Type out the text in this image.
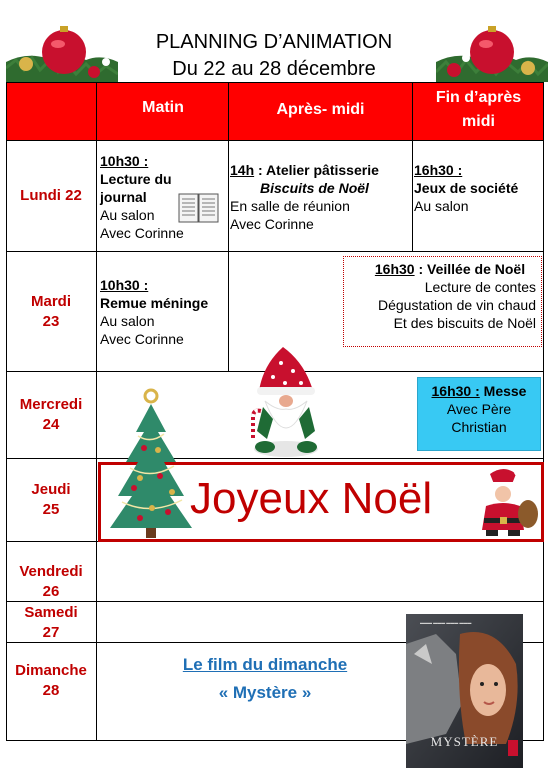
PLANNING D’ANIMATION
Du 22 au 28 décembre
Matin	Après- midi
Fin d’après
midi
Lundi 22
Mardi
23
Mercredi
24
Jeudi
25
Vendredi
26
Samedi
27
Dimanche
28
10h30 :
Lecture du
journal
Au salon
Avec Corinne
14h : Atelier pâtisserie
Biscuits de Noël
En salle de réunion
Avec Corinne
16h30 :
Jeux de société
Au salon
10h30 :
Remue méninge
Au salon
Avec Corinne
16h30 : Veillée de Noël
Lecture de contes
Dégustation de vin chaud
Et des biscuits de Noël
16h30 : Messe
Avec Père
Christian
Joyeux Noël
Le film du dimanche
« Mystère »
▬▬▬ ▬▬▬ ▬▬▬ ▬▬▬
MYSTÈRE
